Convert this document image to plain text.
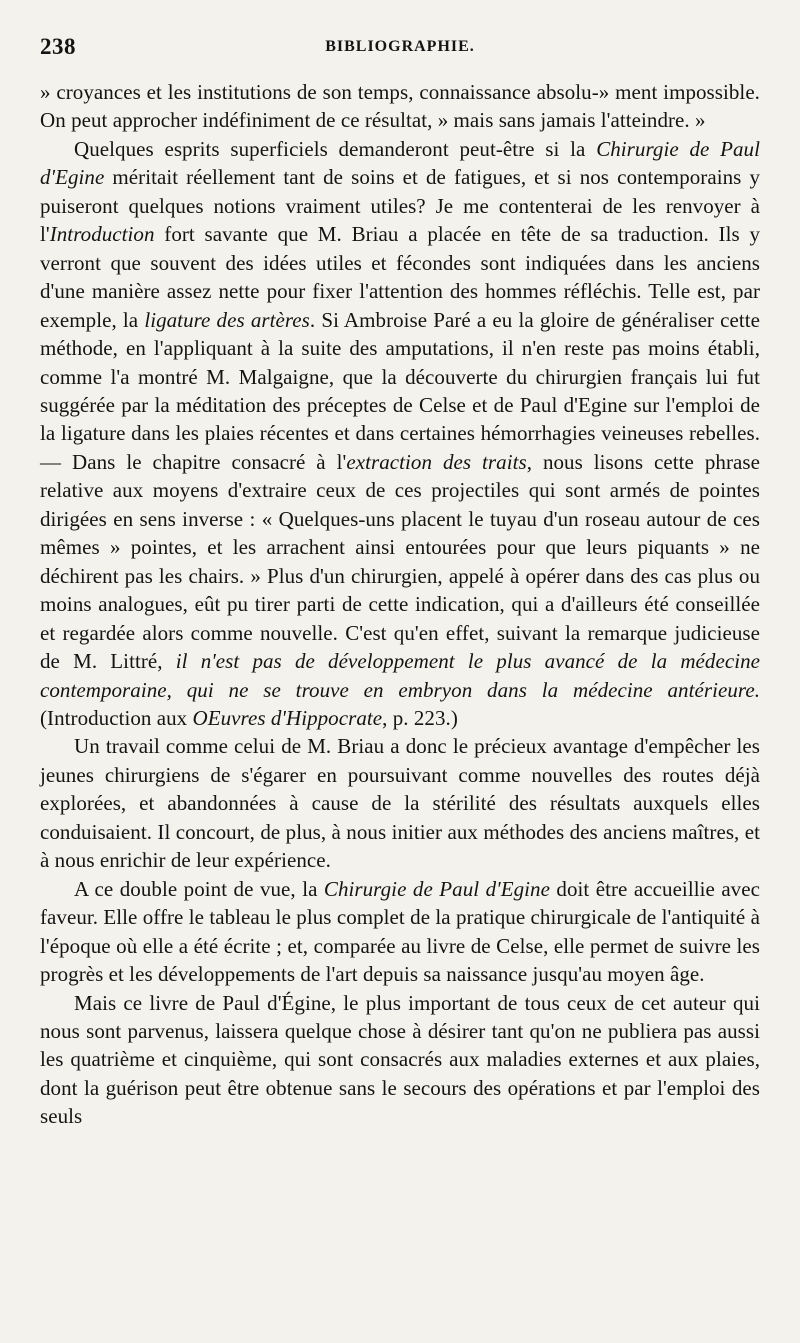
238	BIBLIOGRAPHIE.

» croyances et les institutions de son temps, connaissance absolu-» ment impossible. On peut approcher indéfiniment de ce résultat, » mais sans jamais l'atteindre. »

Quelques esprits superficiels demanderont peut-être si la Chirurgie de Paul d'Egine méritait réellement tant de soins et de fatigues, et si nos contemporains y puiseront quelques notions vraiment utiles? Je me contenterai de les renvoyer à l'Introduction fort savante que M. Briau a placée en tête de sa traduction. Ils y verront que souvent des idées utiles et fécondes sont indiquées dans les anciens d'une manière assez nette pour fixer l'attention des hommes réfléchis. Telle est, par exemple, la ligature des artères. Si Ambroise Paré a eu la gloire de généraliser cette méthode, en l'appliquant à la suite des amputations, il n'en reste pas moins établi, comme l'a montré M. Malgaigne, que la découverte du chirurgien français lui fut suggérée par la méditation des préceptes de Celse et de Paul d'Egine sur l'emploi de la ligature dans les plaies récentes et dans certaines hémorrhagies veineuses rebelles. — Dans le chapitre consacré à l'extraction des traits, nous lisons cette phrase relative aux moyens d'extraire ceux de ces projectiles qui sont armés de pointes dirigées en sens inverse : « Quelques-uns placent le tuyau d'un roseau autour de ces mêmes » pointes, et les arrachent ainsi entourées pour que leurs piquants » ne déchirent pas les chairs. » Plus d'un chirurgien, appelé à opérer dans des cas plus ou moins analogues, eût pu tirer parti de cette indication, qui a d'ailleurs été conseillée et regardée alors comme nouvelle. C'est qu'en effet, suivant la remarque judicieuse de M. Littré, il n'est pas de développement le plus avancé de la médecine contemporaine, qui ne se trouve en embryon dans la médecine antérieure. (Introduction aux OEuvres d'Hippocrate, p. 223.)

Un travail comme celui de M. Briau a donc le précieux avantage d'empêcher les jeunes chirurgiens de s'égarer en poursuivant comme nouvelles des routes déjà explorées, et abandonnées à cause de la stérilité des résultats auxquels elles conduisaient. Il concourt, de plus, à nous initier aux méthodes des anciens maîtres, et à nous enrichir de leur expérience.

A ce double point de vue, la Chirurgie de Paul d'Egine doit être accueillie avec faveur. Elle offre le tableau le plus complet de la pratique chirurgicale de l'antiquité à l'époque où elle a été écrite ; et, comparée au livre de Celse, elle permet de suivre les progrès et les développements de l'art depuis sa naissance jusqu'au moyen âge.

Mais ce livre de Paul d'Égine, le plus important de tous ceux de cet auteur qui nous sont parvenus, laissera quelque chose à désirer tant qu'on ne publiera pas aussi les quatrième et cinquième, qui sont consacrés aux maladies externes et aux plaies, dont la guérison peut être obtenue sans le secours des opérations et par l'emploi des seuls
